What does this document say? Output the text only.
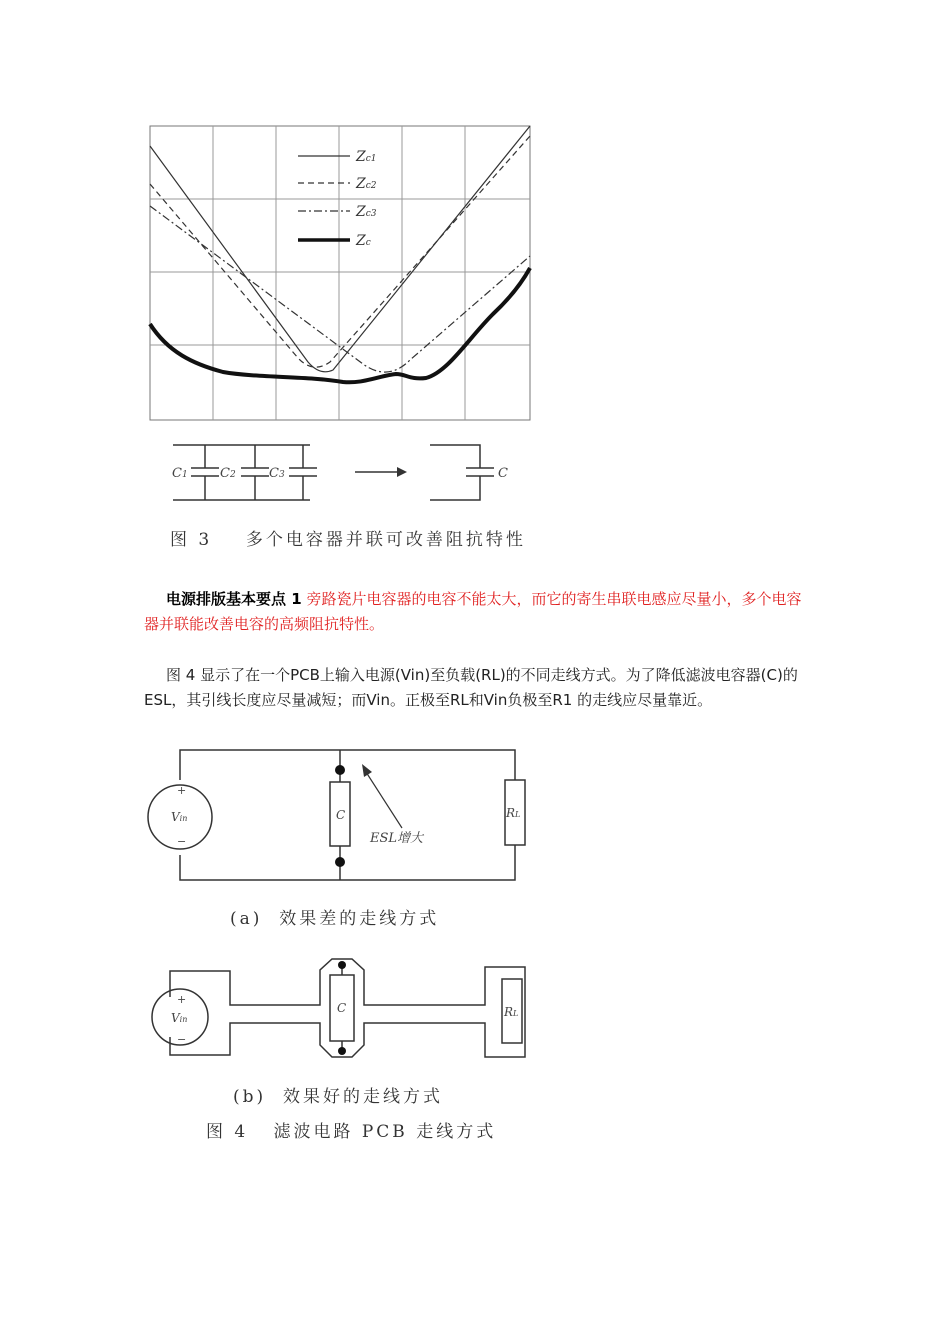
Zc1
Zc2
Zc3
Zc
C1 C2	C3	C
图 3 多个电容器并联可改善阻抗特性
电源排版基本要点 1 旁路瓷片电容器的电容不能太大，而它的寄生串联电感应尽量小，多个电容器并联能改善电容的高频阻抗特性。
图 4 显示了在一个PCB上输入电源(Vin)至负载(RL)的不同走线方式。为了降低滤波电容器(C)的ESL，其引线长度应尽量减短；而Vin。正极至RL和Vin负极至R1 的走线应尽量靠近。
+
−
Vin	C	RL
ESL增大
(a)  效果差的走线方式
+
−
Vin
C	RL
(b)  效果好的走线方式
图 4 滤波电路 PCB 走线方式
